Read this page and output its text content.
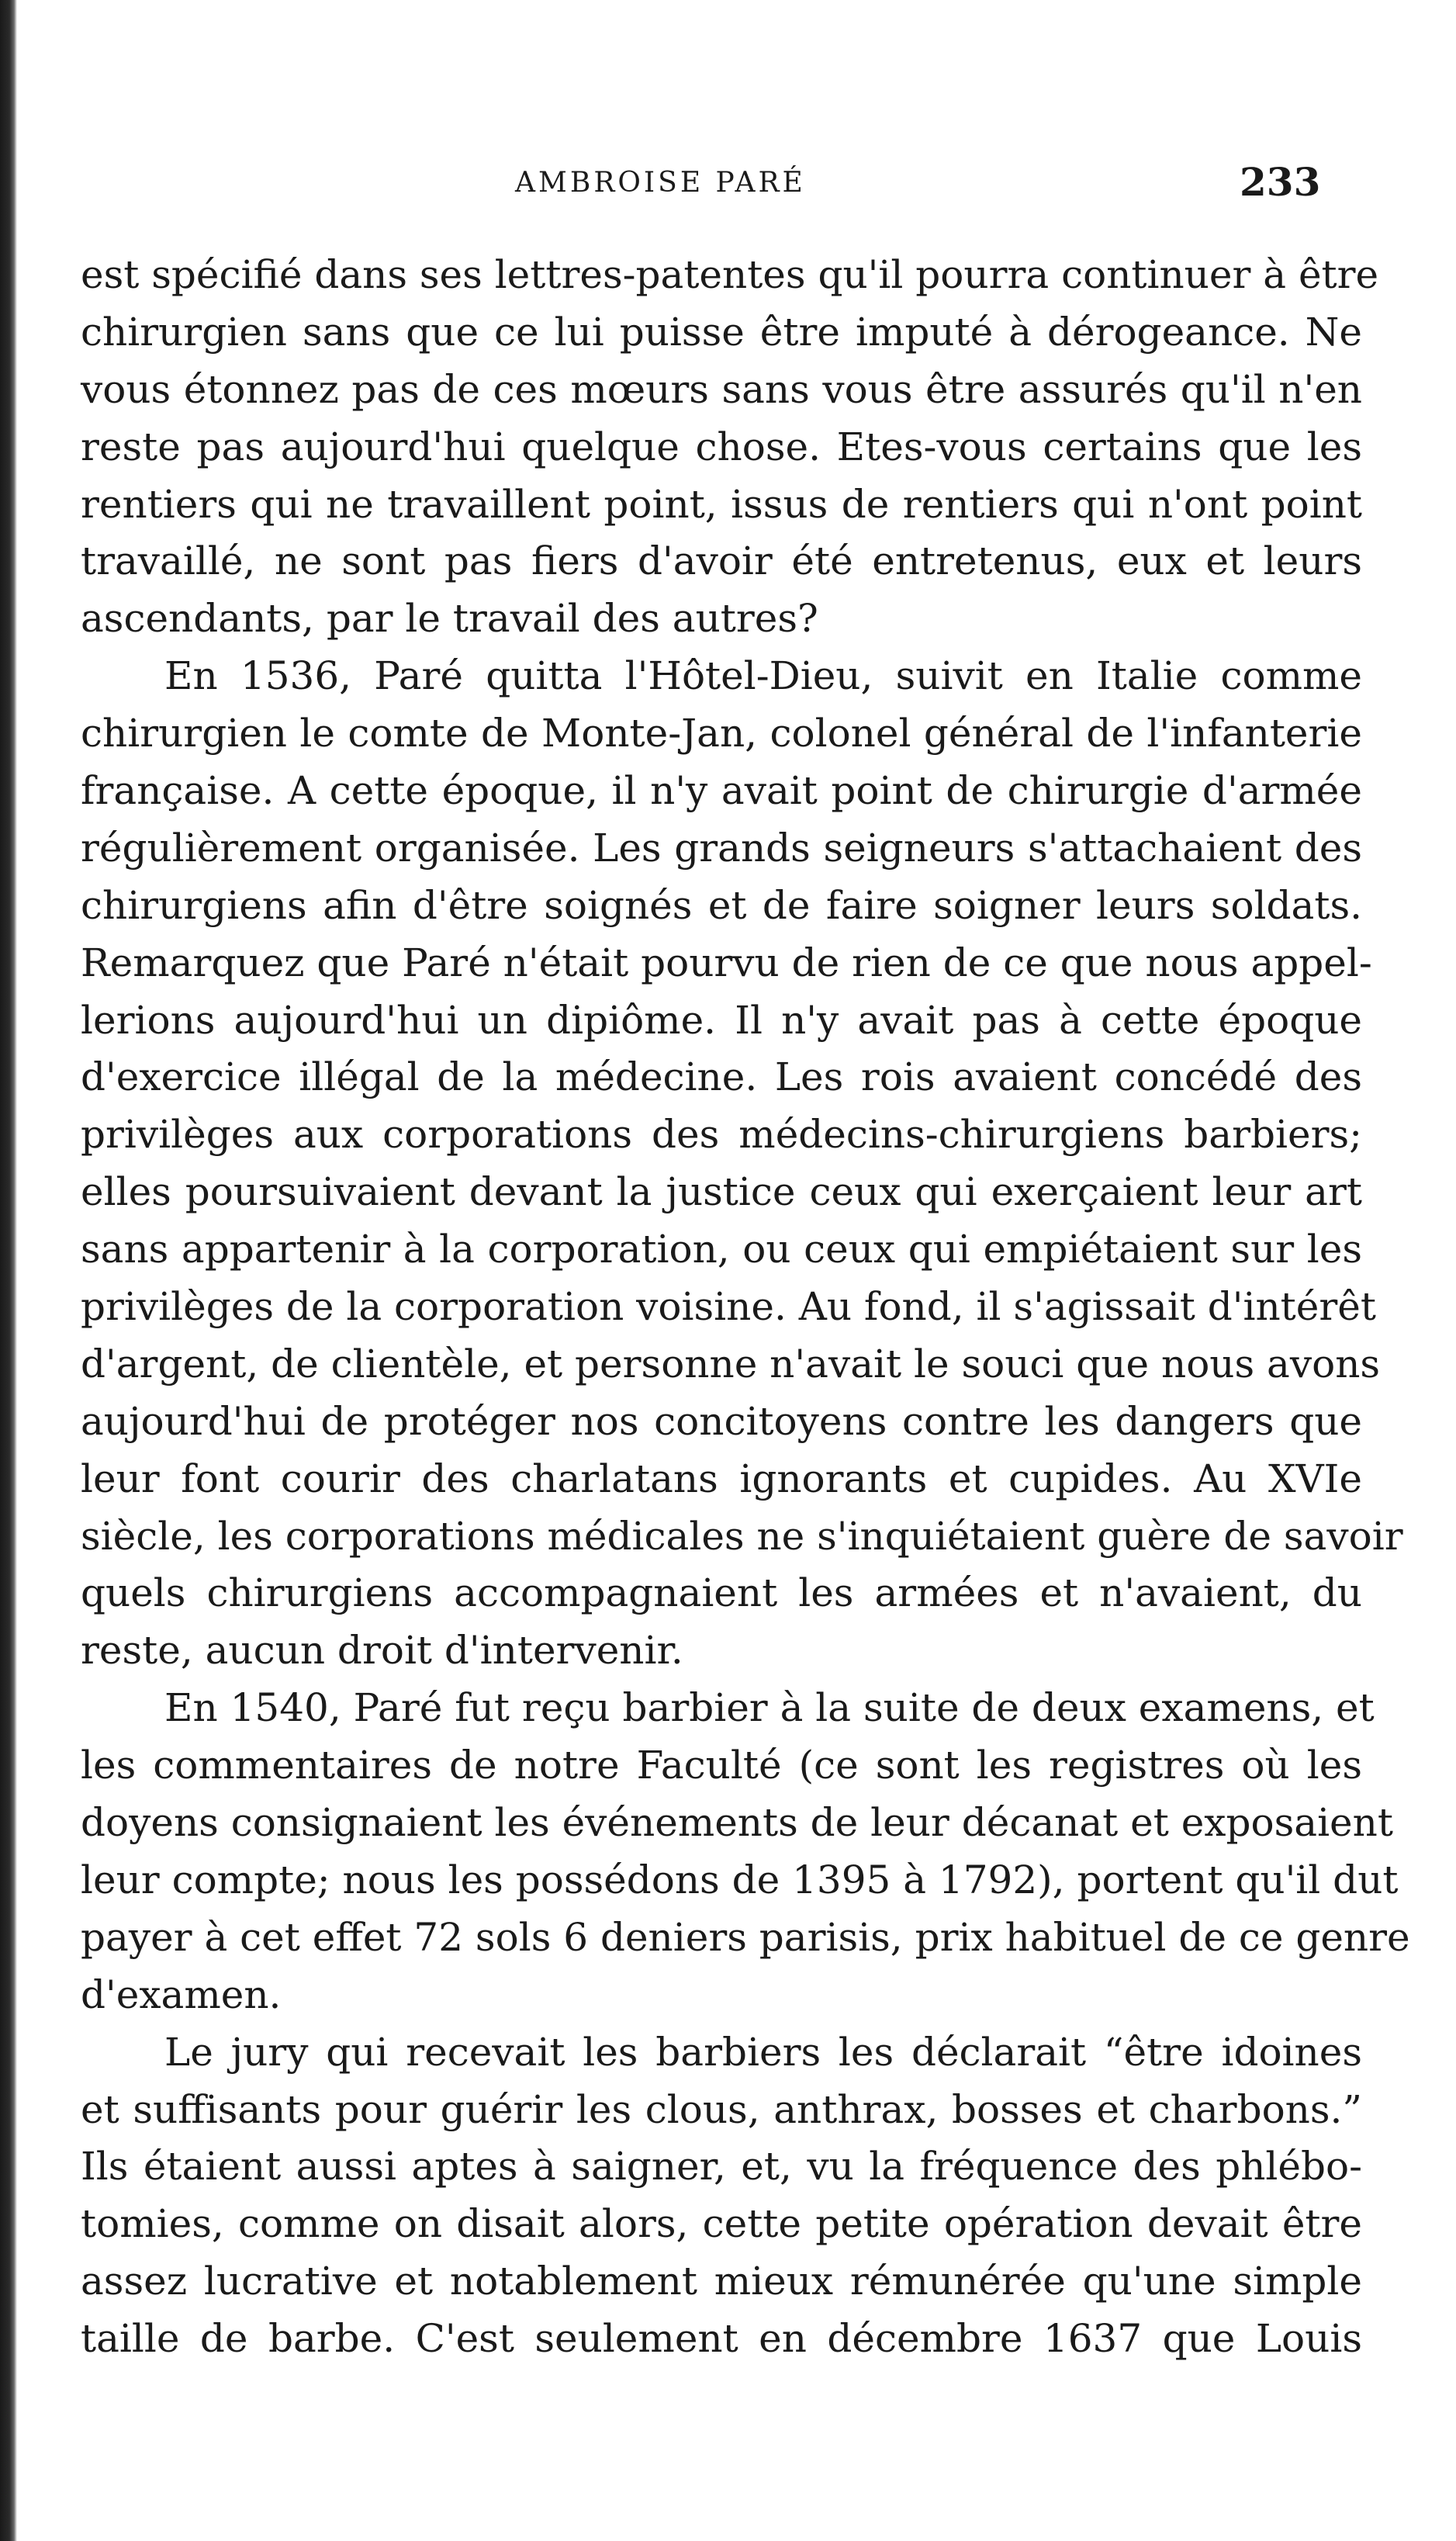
AMBROISE PARÉ	233
est spécifié dans ses lettres-patentes qu'il pourra continuer à être
chirurgien sans que ce lui puisse être imputé à dérogeance. Ne
vous étonnez pas de ces mœurs sans vous être assurés qu'il n'en
reste pas aujourd'hui quelque chose. Etes-vous certains que les
rentiers qui ne travaillent point, issus de rentiers qui n'ont point
travaillé, ne sont pas fiers d'avoir été entretenus, eux et leurs
ascendants, par le travail des autres?
En 1536, Paré quitta l'Hôtel-Dieu, suivit en Italie comme
chirurgien le comte de Monte-Jan, colonel général de l'infanterie
française. A cette époque, il n'y avait point de chirurgie d'armée
régulièrement organisée. Les grands seigneurs s'attachaient des
chirurgiens afin d'être soignés et de faire soigner leurs soldats.
Remarquez que Paré n'était pourvu de rien de ce que nous appel-
lerions aujourd'hui un dipiôme. Il n'y avait pas à cette époque
d'exercice illégal de la médecine. Les rois avaient concédé des
privilèges aux corporations des médecins-chirurgiens barbiers;
elles poursuivaient devant la justice ceux qui exerçaient leur art
sans appartenir à la corporation, ou ceux qui empiétaient sur les
privilèges de la corporation voisine. Au fond, il s'agissait d'intérêt
d'argent, de clientèle, et personne n'avait le souci que nous avons
aujourd'hui de protéger nos concitoyens contre les dangers que
leur font courir des charlatans ignorants et cupides. Au XVIe
siècle, les corporations médicales ne s'inquiétaient guère de savoir
quels chirurgiens accompagnaient les armées et n'avaient, du
reste, aucun droit d'intervenir.
En 1540, Paré fut reçu barbier à la suite de deux examens, et
les commentaires de notre Faculté (ce sont les registres où les
doyens consignaient les événements de leur décanat et exposaient
leur compte; nous les possédons de 1395 à 1792), portent qu'il dut
payer à cet effet 72 sols 6 deniers parisis, prix habituel de ce genre
d'examen.
Le jury qui recevait les barbiers les déclarait “être idoines
et suffisants pour guérir les clous, anthrax, bosses et charbons.”
Ils étaient aussi aptes à saigner, et, vu la fréquence des phlébo-
tomies, comme on disait alors, cette petite opération devait être
assez lucrative et notablement mieux rémunérée qu'une simple
taille de barbe. C'est seulement en décembre 1637 que Louis
